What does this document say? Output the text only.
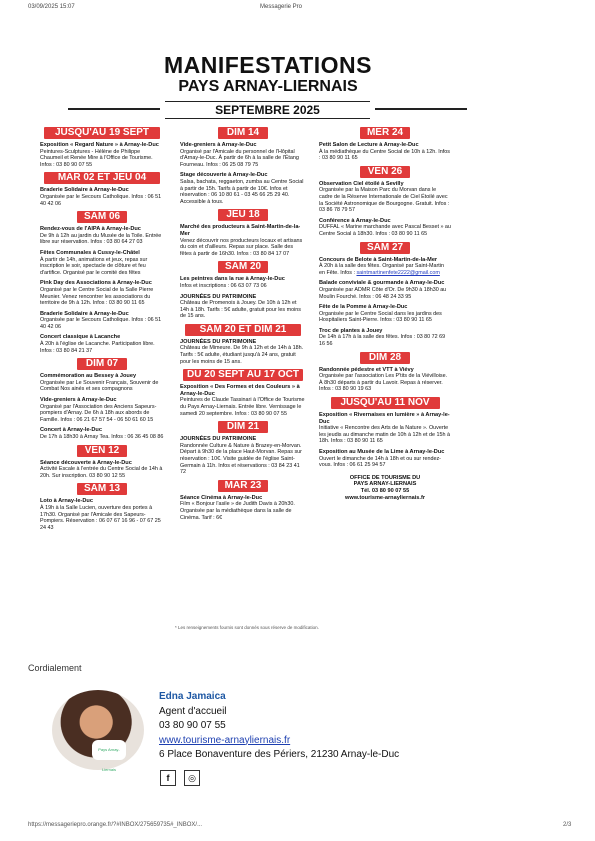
03/09/2025 15:07	Messagerie Pro
MANIFESTATIONS
PAYS ARNAY-LIERNAIS
SEPTEMBRE 2025
JUSQU'AU 19 SEPT
Exposition « Regard Nature » à Arnay-le-Duc
Peintures-Sculptures - Hélène de Philippe Chaumeil et Renée Mire à l'Office de Tourisme. Infos : 03 80 90 07 55
MAR 02 ET JEU 04
Braderie Solidaire à Arnay-le-Duc
Organisée par le Secours Catholique. Infos : 06 51 40 42 06
SAM 06
Rendez-vous de l'AIPA à Arnay-le-Duc
De 9h à 12h au jardin du Musée de la Toile. Entrée libre sur réservation. Infos : 03 80 64 27 03
Fêtes Communales à Cussy-le-Châtel
À partir de 14h, animations et jeux, repas sur inscription le soir, spectacle de clôture et feu d'artifice. Organisé par le comité des fêtes
Pink Day des Associations à Arnay-le-Duc
Organisé par le Centre Social de la Salle Pierre Meunier. Venez rencontrer les associations du territoire de 9h à 12h. Infos : 03 80 90 11 65
Braderie Solidaire à Arnay-le-Duc
Organisée par le Secours Catholique. Infos : 06 51 40 42 06
Concert classique à Lacanche
À 20h à l'église de Lacanche. Participation libre. Infos : 03 80 84 21 37
DIM 07
Commémoration au Bessey à Jouey
Organisée par Le Souvenir Français, Souvenir de Combat Nos ainés et ses compagnons
Vide-greniers à Arnay-le-Duc
Organisé par l'Association des Anciens Sapeurs-pompiers d'Arnay. De 6h à 18h aux abords de Famille. Infos : 06 21 67 57 54 - 06 50 61 60 15
Concert à Arnay-le-Duc
De 17h à 18h30 à Arnay Tea. Infos : 06 36 45 08 86
VEN 12
Séance découverte à Arnay-le-Duc
Activité Escale à l'entrée du Centre Social de 14h à 20h. Sur inscription. 03 80 90 12 55
SAM 13
Loto à Arnay-le-Duc
À 19h à la Salle Lucien, ouverture des portes à 17h30. Organisé par l'Amicale des Sapeurs-Pompiers. Réservation : 06 07 67 16 96 - 07 67 25 24 43
DIM 14
Vide-greniers à Arnay-le-Duc
Organisé par l'Amicale du personnel de l'Hôpital d'Arnay-le-Duc. À partir de 6h à la salle de l'Étang Fourneau. Infos : 06 25 08 79 75
Stage découverte à Arnay-le-Duc
Salsa, bachata, reggaeton, zumba au Centre Social à partir de 15h. Tarifs à partir de 10€. Infos et réservation : 06 10 80 61 - 03 45 66 25 29 40. Accessible à tous.
JEU 18
Marché des producteurs à Saint-Martin-de-la-Mer
Venez découvrir nos producteurs locaux et artisans du coin et d'ailleurs. Repas sur place. Salle des fêtes à partir de 16h30. Infos : 03 80 84 17 07
SAM 20
Les peintres dans la rue à Arnay-le-Duc
Infos et inscriptions : 06 63 07 73 06
JOURNÉES DU PATRIMOINE
Château de Promenois à Jouey. De 10h à 12h et 14h à 18h. Tarifs : 5€ adulte, gratuit pour les moins de 15 ans.
SAM 20 ET DIM 21
JOURNÉES DU PATRIMOINE
Château de Mimeure. De 9h à 12h et de 14h à 18h. Tarifs : 5€ adulte, étudiant jusqu'à 24 ans, gratuit pour les moins de 15 ans.
DU 20 SEPT AU 17 OCT
Exposition « Des Formes et des Couleurs » à Arnay-le-Duc
Peintures de Claude Tassinari à l'Office de Tourisme du Pays Arnay-Liernais. Entrée libre. Vernissage le samedi 20 septembre. Infos : 03 80 90 07 55
DIM 21
JOURNÉES DU PATRIMOINE
Randonnée Culture & Nature à Brazey-en-Morvan. Départ à 9h30 de la place Haut-Morvan. Repas sur réservation : 10€. Visite guidée de l'église Saint-Germain à 11h. Infos et réservations : 03 84 23 41 72
MAR 23
Séance Cinéma à Arnay-le-Duc
Film « Bonjour l'asile » de Judith Davis à 20h30. Organisée par la médiathèque dans la salle de Cinéma. Tarif : 6€
MER 24
Petit Salon de Lecture à Arnay-le-Duc
À la médiathèque du Centre Social de 10h à 12h. Infos : 03 80 90 11 65
VEN 26
Observation Ciel étoilé à Sevilly
Organisée par la Maison Parc du Morvan dans le cadre de la Réserve Internationale de Ciel Étoilé avec la Société Astronomique de Bourgogne. Gratuit. Infos : 03 86 78 79 57
Conférence à Arnay-le-Duc
DUFFAL « Marine marchande avec Pascal Besset » au Centre Social à 18h30. Infos : 03 80 90 11 65
SAM 27
Concours de Belote à Saint-Martin-de-la-Mer
À 20h à la salle des fêtes. Organisé par Saint-Martin en Fête. Infos : saintmartinenfete2222@gmail.com
Balade conviviale & gourmande à Arnay-le-Duc
Organisée par ADMR Côte d'Or. De 9h30 à 18h30 au Moulin Fourché. Infos : 06 48 24 33 95
Fête de la Pomme à Arnay-le-Duc
Organisée par le Centre Social dans les jardins des Hospitaliers Saint-Pierre. Infos : 03 80 90 11 65
Troc de plantes à Jouey
De 14h à 17h à la salle des fêtes. Infos : 03 80 72 69 16 56
DIM 28
Randonnée pédestre et VTT à Viévy
Organisée par l'association Les P'tits de la Viévilloise. À 8h30 départs à partir du Lavoir. Repas à réserver. Infos : 03 80 90 19 63
JUSQU'AU 11 NOV
Exposition « Rivernaises en lumière » à Arnay-le-Duc
Initiative « Rencontre des Arts de la Nature ». Ouverte les jeudis au dimanche matin de 10h à 12h et de 15h à 18h. Infos : 03 80 90 11 65
Exposition au Musée de la Lime à Arnay-le-Duc
Ouvert le dimanche de 14h à 18h et ou sur rendez-vous. Infos : 06 61 25 94 57
OFFICE DE TOURISME DU
PAYS ARNAY-LIERNAIS
Tél. 03 80 90 07 55
www.tourisme-arnayliernais.fr
* Les renseignements fournis sont donnés sous réserve de modification.
Cordialement
Pays Arnay-Liernais
Edna Jamaica
Agent d'accueil
03 80 90 07 55
www.tourisme-arnayliernais.fr
6 Place Bonaventure des Périers, 21230 Arnay-le-Duc
f ◎
https://messageriepro.orange.fr/?#INBOX/275659735#_INBOX/...	2/3
